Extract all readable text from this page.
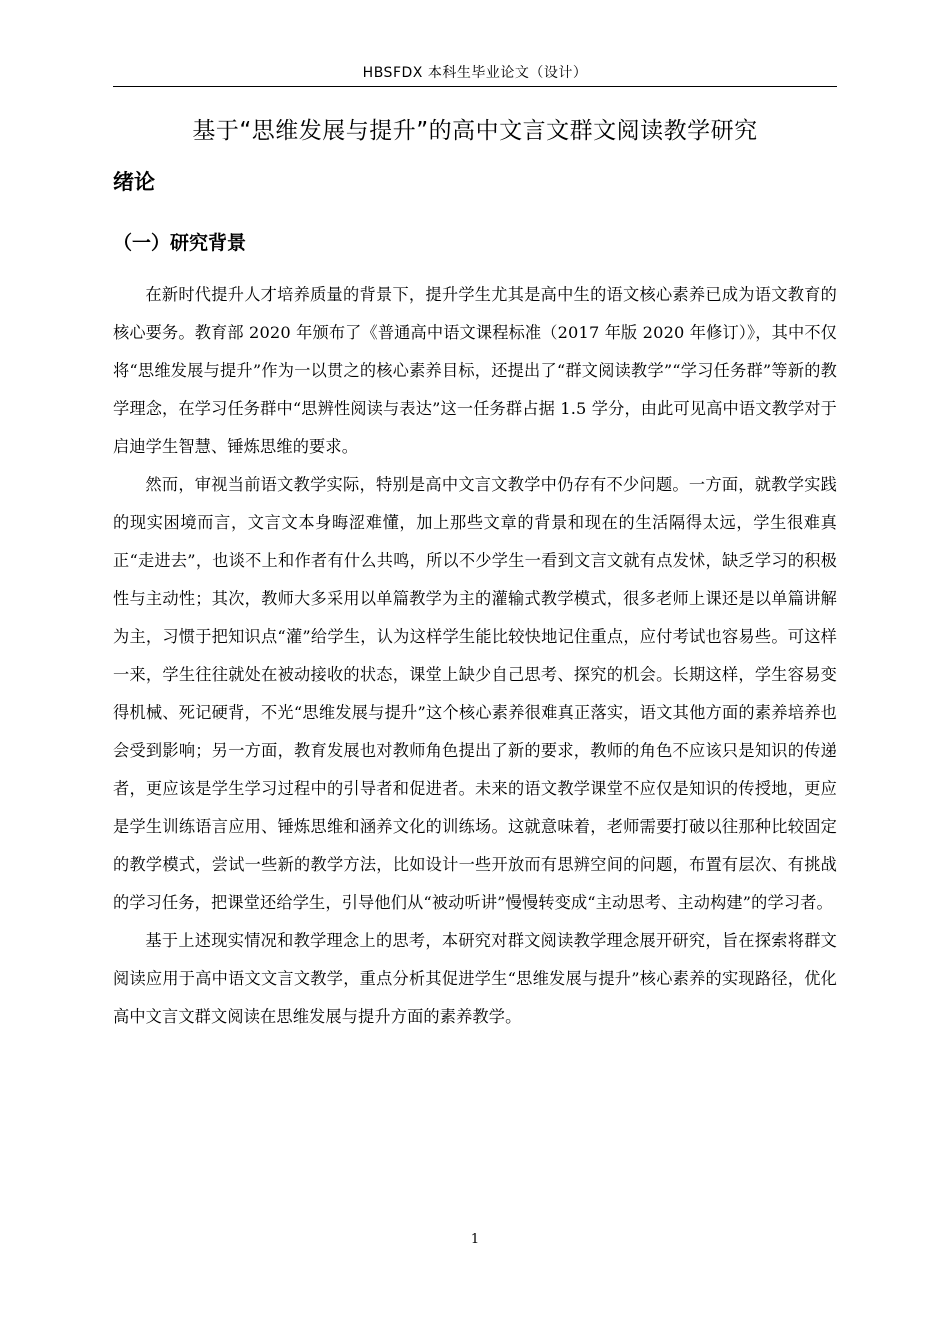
HBSFDX 本科生毕业论文（设计）
基于“思维发展与提升”的高中文言文群文阅读教学研究
绪论
（一）研究背景

在新时代提升人才培养质量的背景下，提升学生尤其是高中生的语文核心素养已成为语文教育的核心要务。教育部 2020 年颁布了《普通高中语文课程标准（2017 年版 2020 年修订）》，其中不仅将“思维发展与提升”作为一以贯之的核心素养目标，还提出了“群文阅读教学”“学习任务群”等新的教学理念，在学习任务群中“思辨性阅读与表达”这一任务群占据 1.5 学分，由此可见高中语文教学对于启迪学生智慧、锤炼思维的要求。

然而，审视当前语文教学实际，特别是高中文言文教学中仍存有不少问题。一方面，就教学实践的现实困境而言，文言文本身晦涩难懂，加上那些文章的背景和现在的生活隔得太远，学生很难真正“走进去”，也谈不上和作者有什么共鸣，所以不少学生一看到文言文就有点发怵，缺乏学习的积极性与主动性；其次，教师大多采用以单篇教学为主的灌输式教学模式，很多老师上课还是以单篇讲解为主，习惯于把知识点“灌”给学生，认为这样学生能比较快地记住重点，应付考试也容易些。可这样一来，学生往往就处在被动接收的状态，课堂上缺少自己思考、探究的机会。长期这样，学生容易变得机械、死记硬背，不光“思维发展与提升”这个核心素养很难真正落实，语文其他方面的素养培养也会受到影响；另一方面，教育发展也对教师角色提出了新的要求，教师的角色不应该只是知识的传递者，更应该是学生学习过程中的引导者和促进者。未来的语文教学课堂不应仅是知识的传授地，更应是学生训练语言应用、锤炼思维和涵养文化的训练场。这就意味着，老师需要打破以往那种比较固定的教学模式，尝试一些新的教学方法，比如设计一些开放而有思辨空间的问题，布置有层次、有挑战的学习任务，把课堂还给学生，引导他们从“被动听讲”慢慢转变成“主动思考、主动构建”的学习者。

基于上述现实情况和教学理念上的思考，本研究对群文阅读教学理念展开研究，旨在探索将群文阅读应用于高中语文文言文教学，重点分析其促进学生“思维发展与提升”核心素养的实现路径，优化高中文言文群文阅读在思维发展与提升方面的素养教学。

1
